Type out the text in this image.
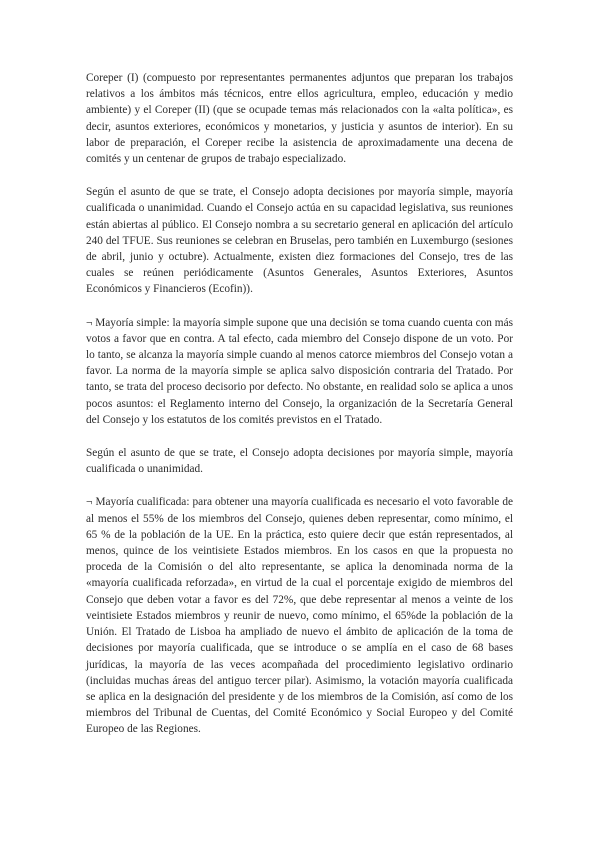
Coreper (I) (compuesto por representantes permanentes adjuntos que preparan los trabajos relativos a los ámbitos más técnicos, entre ellos agricultura, empleo, educación y medio ambiente) y el Coreper (II) (que se ocupade temas más relacionados con la «alta política», es decir, asuntos exteriores, económicos y monetarios, y justicia y asuntos de interior). En su labor de preparación, el Coreper recibe la asistencia de aproximadamente una decena de comités y un centenar de grupos de trabajo especializado.

Según el asunto de que se trate, el Consejo adopta decisiones por mayoría simple, mayoría cualificada o unanimidad. Cuando el Consejo actúa en su capacidad legislativa, sus reuniones están abiertas al público. El Consejo nombra a su secretario general en aplicación del artículo 240 del TFUE. Sus reuniones se celebran en Bruselas, pero también en Luxemburgo (sesiones de abril, junio y octubre). Actualmente, existen diez formaciones del Consejo, tres de las cuales se reúnen periódicamente (Asuntos Generales, Asuntos Exteriores, Asuntos Económicos y Financieros (Ecofin)).

¬ Mayoría simple: la mayoría simple supone que una decisión se toma cuando cuenta con más votos a favor que en contra. A tal efecto, cada miembro del Consejo dispone de un voto. Por lo tanto, se alcanza la mayoría simple cuando al menos catorce miembros del Consejo votan a favor. La norma de la mayoría simple se aplica salvo disposición contraria del Tratado. Por tanto, se trata del proceso decisorio por defecto. No obstante, en realidad solo se aplica a unos pocos asuntos: el Reglamento interno del Consejo, la organización de la Secretaría General del Consejo y los estatutos de los comités previstos en el Tratado.

Según el asunto de que se trate, el Consejo adopta decisiones por mayoría simple, mayoría cualificada o unanimidad.

¬ Mayoría cualificada: para obtener una mayoría cualificada es necesario el voto favorable de al menos el 55% de los miembros del Consejo, quienes deben representar, como mínimo, el 65 % de la población de la UE. En la práctica, esto quiere decir que están representados, al menos, quince de los veintisiete Estados miembros. En los casos en que la propuesta no proceda de la Comisión o del alto representante, se aplica la denominada norma de la «mayoría cualificada reforzada», en virtud de la cual el porcentaje exigido de miembros del Consejo que deben votar a favor es del 72%, que debe representar al menos a veinte de los veintisiete Estados miembros y reunir de nuevo, como mínimo, el 65%de la población de la Unión. El Tratado de Lisboa ha ampliado de nuevo el ámbito de aplicación de la toma de decisiones por mayoría cualificada, que se introduce o se amplía en el caso de 68 bases jurídicas, la mayoría de las veces acompañada del procedimiento legislativo ordinario (incluidas muchas áreas del antiguo tercer pilar). Asimismo, la votación mayoría cualificada se aplica en la designación del presidente y de los miembros de la Comisión, así como de los miembros del Tribunal de Cuentas, del Comité Económico y Social Europeo y del Comité Europeo de las Regiones.
